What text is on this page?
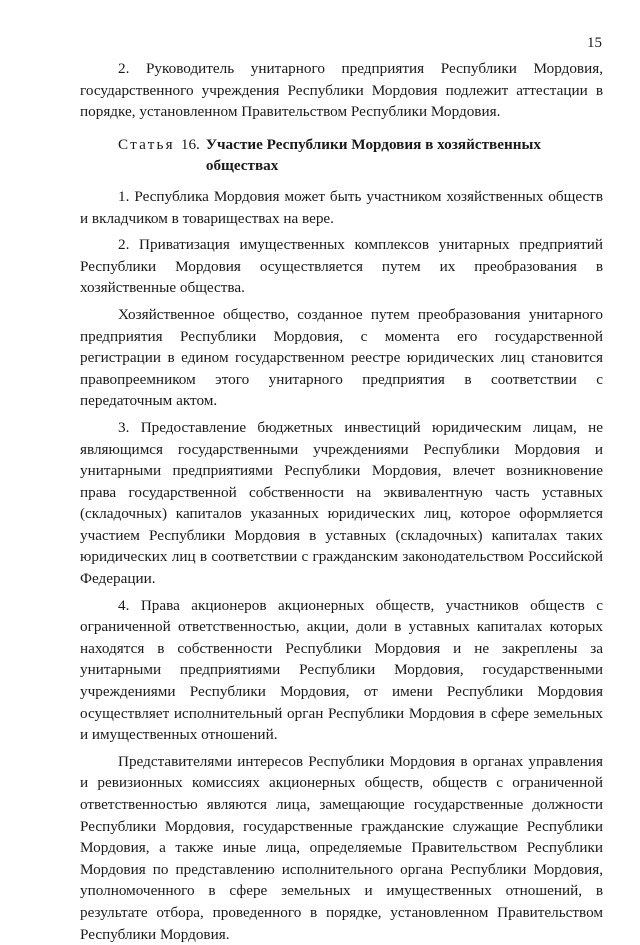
15

2. Руководитель унитарного предприятия Республики Мордовия, государственного учреждения Республики Мордовия подлежит аттестации в порядке, установленном Правительством Республики Мордовия.

Статья 16. Участие Республики Мордовия в хозяйственных обществах

1. Республика Мордовия может быть участником хозяйственных обществ и вкладчиком в товариществах на вере.

2. Приватизация имущественных комплексов унитарных предприятий Республики Мордовия осуществляется путем их преобразования в хозяйственные общества.

Хозяйственное общество, созданное путем преобразования унитарного предприятия Республики Мордовия, с момента его государственной регистрации в едином государственном реестре юридических лиц становится правопреемником этого унитарного предприятия в соответствии с передаточным актом.

3. Предоставление бюджетных инвестиций юридическим лицам, не являющимся государственными учреждениями Республики Мордовия и унитарными предприятиями Республики Мордовия, влечет возникновение права государственной собственности на эквивалентную часть уставных (складочных) капиталов указанных юридических лиц, которое оформляется участием Республики Мордовия в уставных (складочных) капиталах таких юридических лиц в соответствии с гражданским законодательством Российской Федерации.

4. Права акционеров акционерных обществ, участников обществ с ограниченной ответственностью, акции, доли в уставных капиталах которых находятся в собственности Республики Мордовия и не закреплены за унитарными предприятиями Республики Мордовия, государственными учреждениями Республики Мордовия, от имени Республики Мордовия осуществляет исполнительный орган Республики Мордовия в сфере земельных и имущественных отношений.

Представителями интересов Республики Мордовия в органах управления и ревизионных комиссиях акционерных обществ, обществ с ограниченной ответственностью являются лица, замещающие государственные должности Республики Мордовия, государственные гражданские служащие Республики Мордовия, а также иные лица, определяемые Правительством Республики Мордовия по представлению исполнительного органа Республики Мордовия, уполномоченного в сфере земельных и имущественных отношений, в результате отбора, проведенного в порядке, установленном Правительством Республики Мордовия.
